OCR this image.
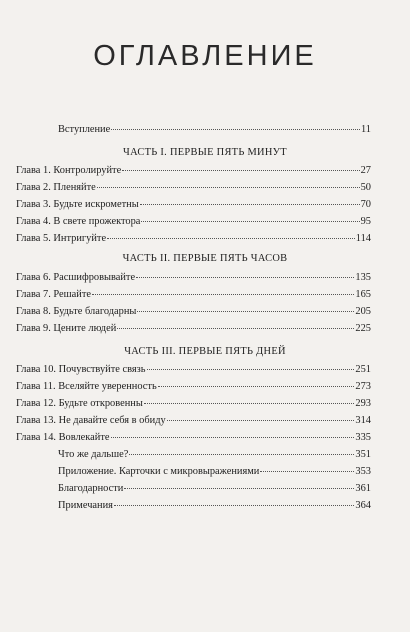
ОГЛАВЛЕНИЕ
Вступление	11
ЧАСТЬ I. ПЕРВЫЕ ПЯТЬ МИНУТ
Глава 1. Контролируйте	27
Глава 2. Пленяйте	50
Глава 3. Будьте искрометны	70
Глава 4. В свете прожектора	95
Глава 5. Интригуйте	114
ЧАСТЬ II. ПЕРВЫЕ ПЯТЬ ЧАСОВ
Глава 6. Расшифровывайте	135
Глава 7. Решайте	165
Глава 8. Будьте благодарны	205
Глава 9. Цените людей	225
ЧАСТЬ III. ПЕРВЫЕ ПЯТЬ ДНЕЙ
Глава 10. Почувствуйте связь	251
Глава 11. Вселяйте уверенность	273
Глава 12. Будьте откровенны	293
Глава 13. Не давайте себя в обиду	314
Глава 14. Вовлекайте	335
Что же дальше?	351
Приложение. Карточки с микровыражениями	353
Благодарности	361
Примечания	364
